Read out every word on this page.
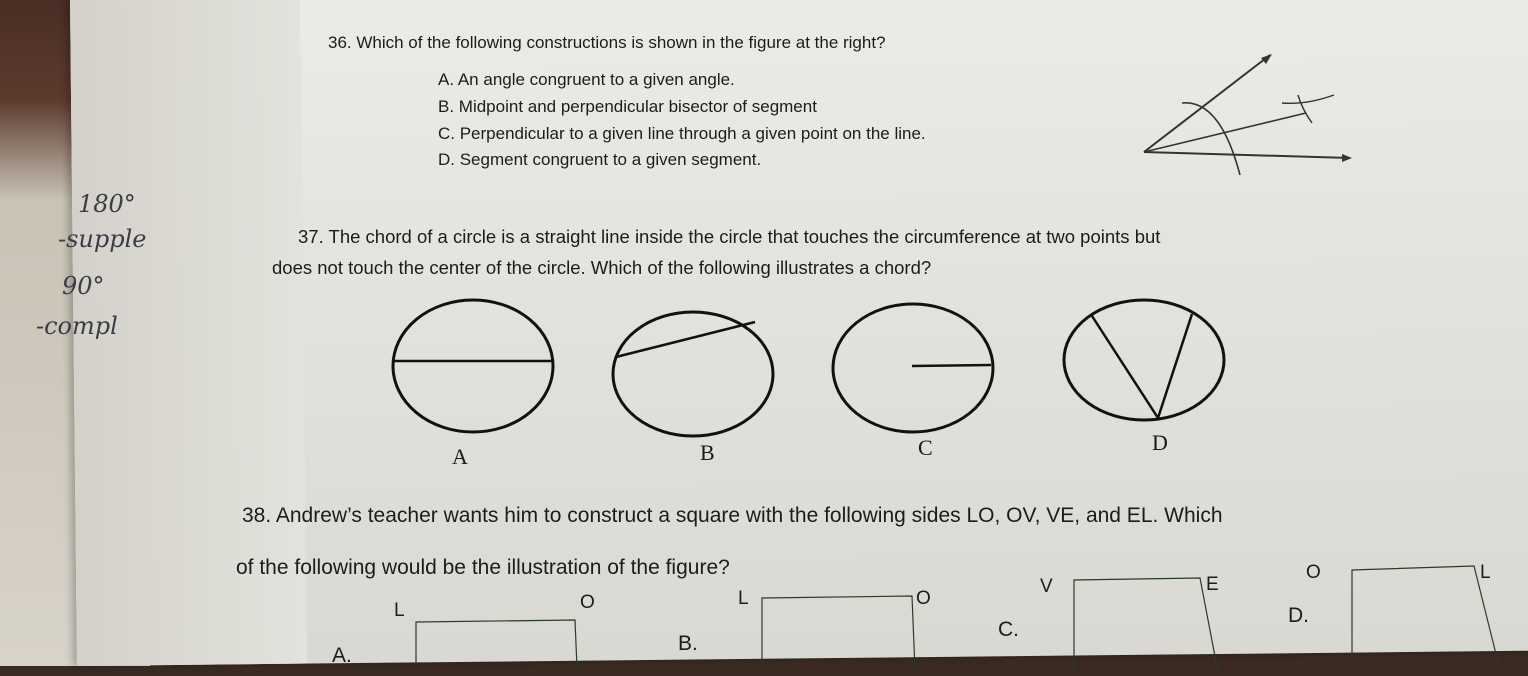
180°
-supple
90°
-compl
36. Which of the following constructions is shown in the figure at the right?
A. An angle congruent to a given angle.
B. Midpoint and perpendicular bisector of segment
C. Perpendicular to a given line through a given point on the line.
D. Segment congruent to a given segment.
37. The chord of a circle is a straight line inside the circle that touches the circumference at two points but
does not touch the center of the circle. Which of the following illustrates a chord?
A	B	C	D
38. Andrew’s teacher wants him to construct a square with the following sides LO, OV, VE, and EL. Which
of the following would be the illustration of the figure?
A.
L	O
B.
L	O
C.
V	E
D.
O	L
